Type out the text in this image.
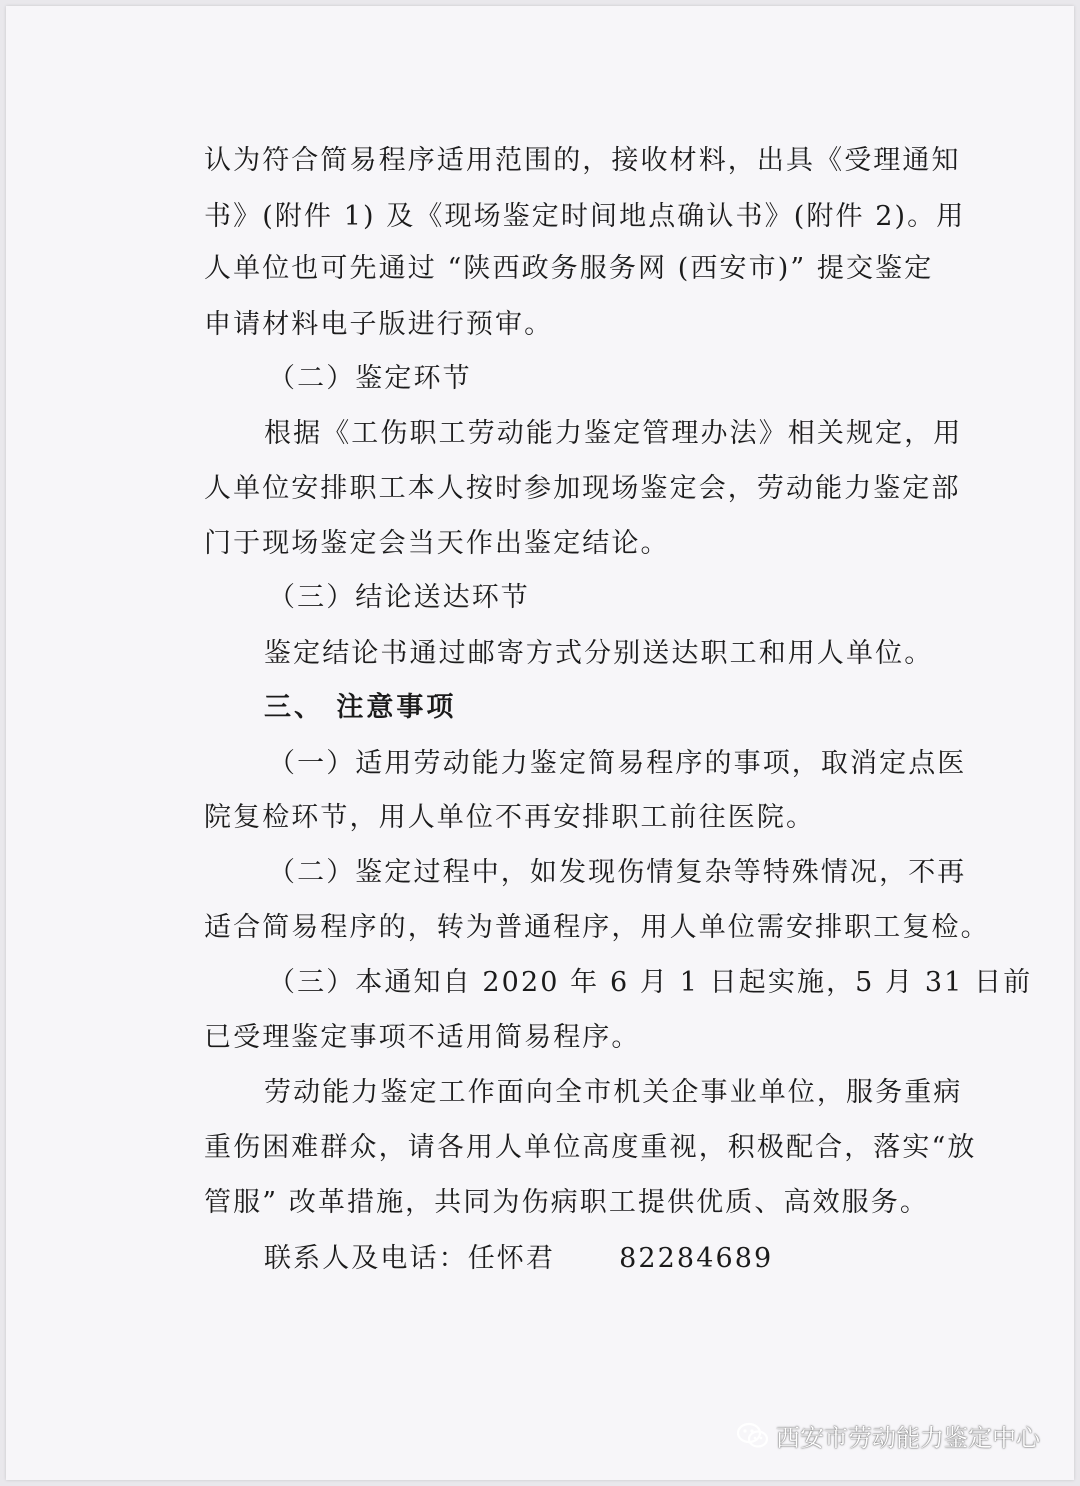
认为符合简易程序适用范围的，接收材料，出具《受理通知
书》(附件 1) 及《现场鉴定时间地点确认书》(附件 2)。用
人单位也可先通过 “陕西政务服务网 (西安市)” 提交鉴定
申请材料电子版进行预审。
（二）鉴定环节
根据《工伤职工劳动能力鉴定管理办法》相关规定，用
人单位安排职工本人按时参加现场鉴定会，劳动能力鉴定部
门于现场鉴定会当天作出鉴定结论。
（三）结论送达环节
鉴定结论书通过邮寄方式分别送达职工和用人单位。
三、 注意事项
（一）适用劳动能力鉴定简易程序的事项，取消定点医
院复检环节，用人单位不再安排职工前往医院。
（二）鉴定过程中，如发现伤情复杂等特殊情况，不再
适合简易程序的，转为普通程序，用人单位需安排职工复检。
（三）本通知自 2020 年 6 月 1 日起实施，5 月 31 日前
已受理鉴定事项不适用简易程序。
劳动能力鉴定工作面向全市机关企事业单位，服务重病
重伤困难群众，请各用人单位高度重视，积极配合，落实“放
管服” 改革措施，共同为伤病职工提供优质、高效服务。
联系人及电话：任怀君      82284689
西安市劳动能力鉴定中心
